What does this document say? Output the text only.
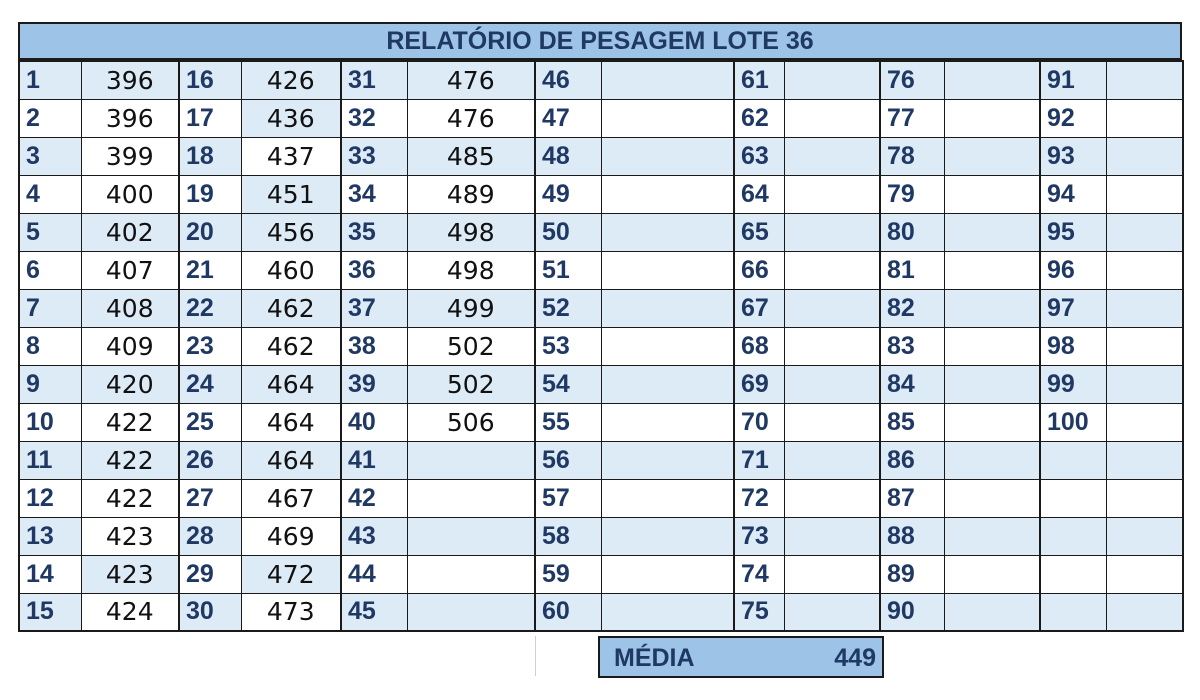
RELATÓRIO DE PESAGEM LOTE 36
1	396	16	426	31	476	46		61		76		91	
2	396	17	436	32	476	47		62		77		92	
3	399	18	437	33	485	48		63		78		93	
4	400	19	451	34	489	49		64		79		94	
5	402	20	456	35	498	50		65		80		95	
6	407	21	460	36	498	51		66		81		96	
7	408	22	462	37	499	52		67		82		97	
8	409	23	462	38	502	53		68		83		98	
9	420	24	464	39	502	54		69		84		99	
10	422	25	464	40	506	55		70		85		100	
11	422	26	464	41		56		71		86			
12	422	27	467	42		57		72		87			
13	423	28	469	43		58		73		88			
14	423	29	472	44		59		74		89			
15	424	30	473	45		60		75		90			
MÉDIA	449
